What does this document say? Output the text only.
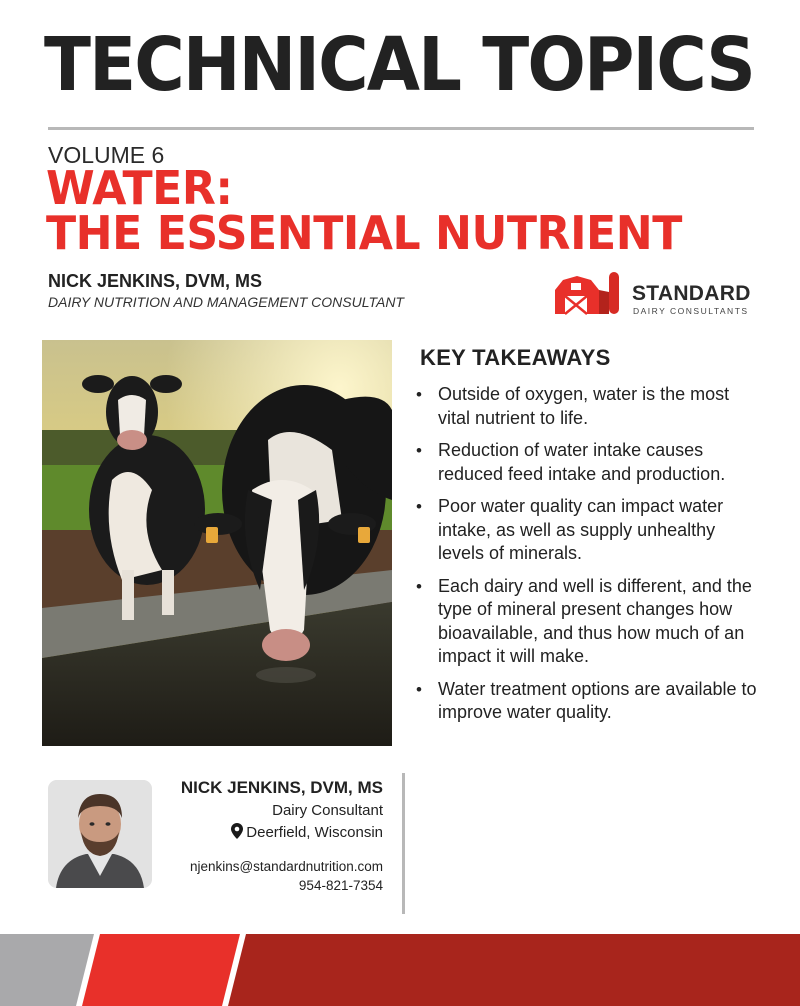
TECHNICAL TOPICS
VOLUME 6
WATER:
THE ESSENTIAL NUTRIENT
NICK JENKINS, DVM, MS
DAIRY NUTRITION AND MANAGEMENT CONSULTANT	STANDARD
DAIRY CONSULTANTS
KEY TAKEAWAYS
• Outside of oxygen, water is the most vital nutrient to life.
• Reduction of water intake causes reduced feed intake and production.
• Poor water quality can impact water intake, as well as supply unhealthy levels of minerals.
• Each dairy and well is different, and the type of mineral present changes how bioavailable, and thus how much of an impact it will make.
• Water treatment options are available to improve water quality.
NICK JENKINS, DVM, MS
Dairy Consultant
Deerfield, Wisconsin
njenkins@standardnutrition.com
954-821-7354
